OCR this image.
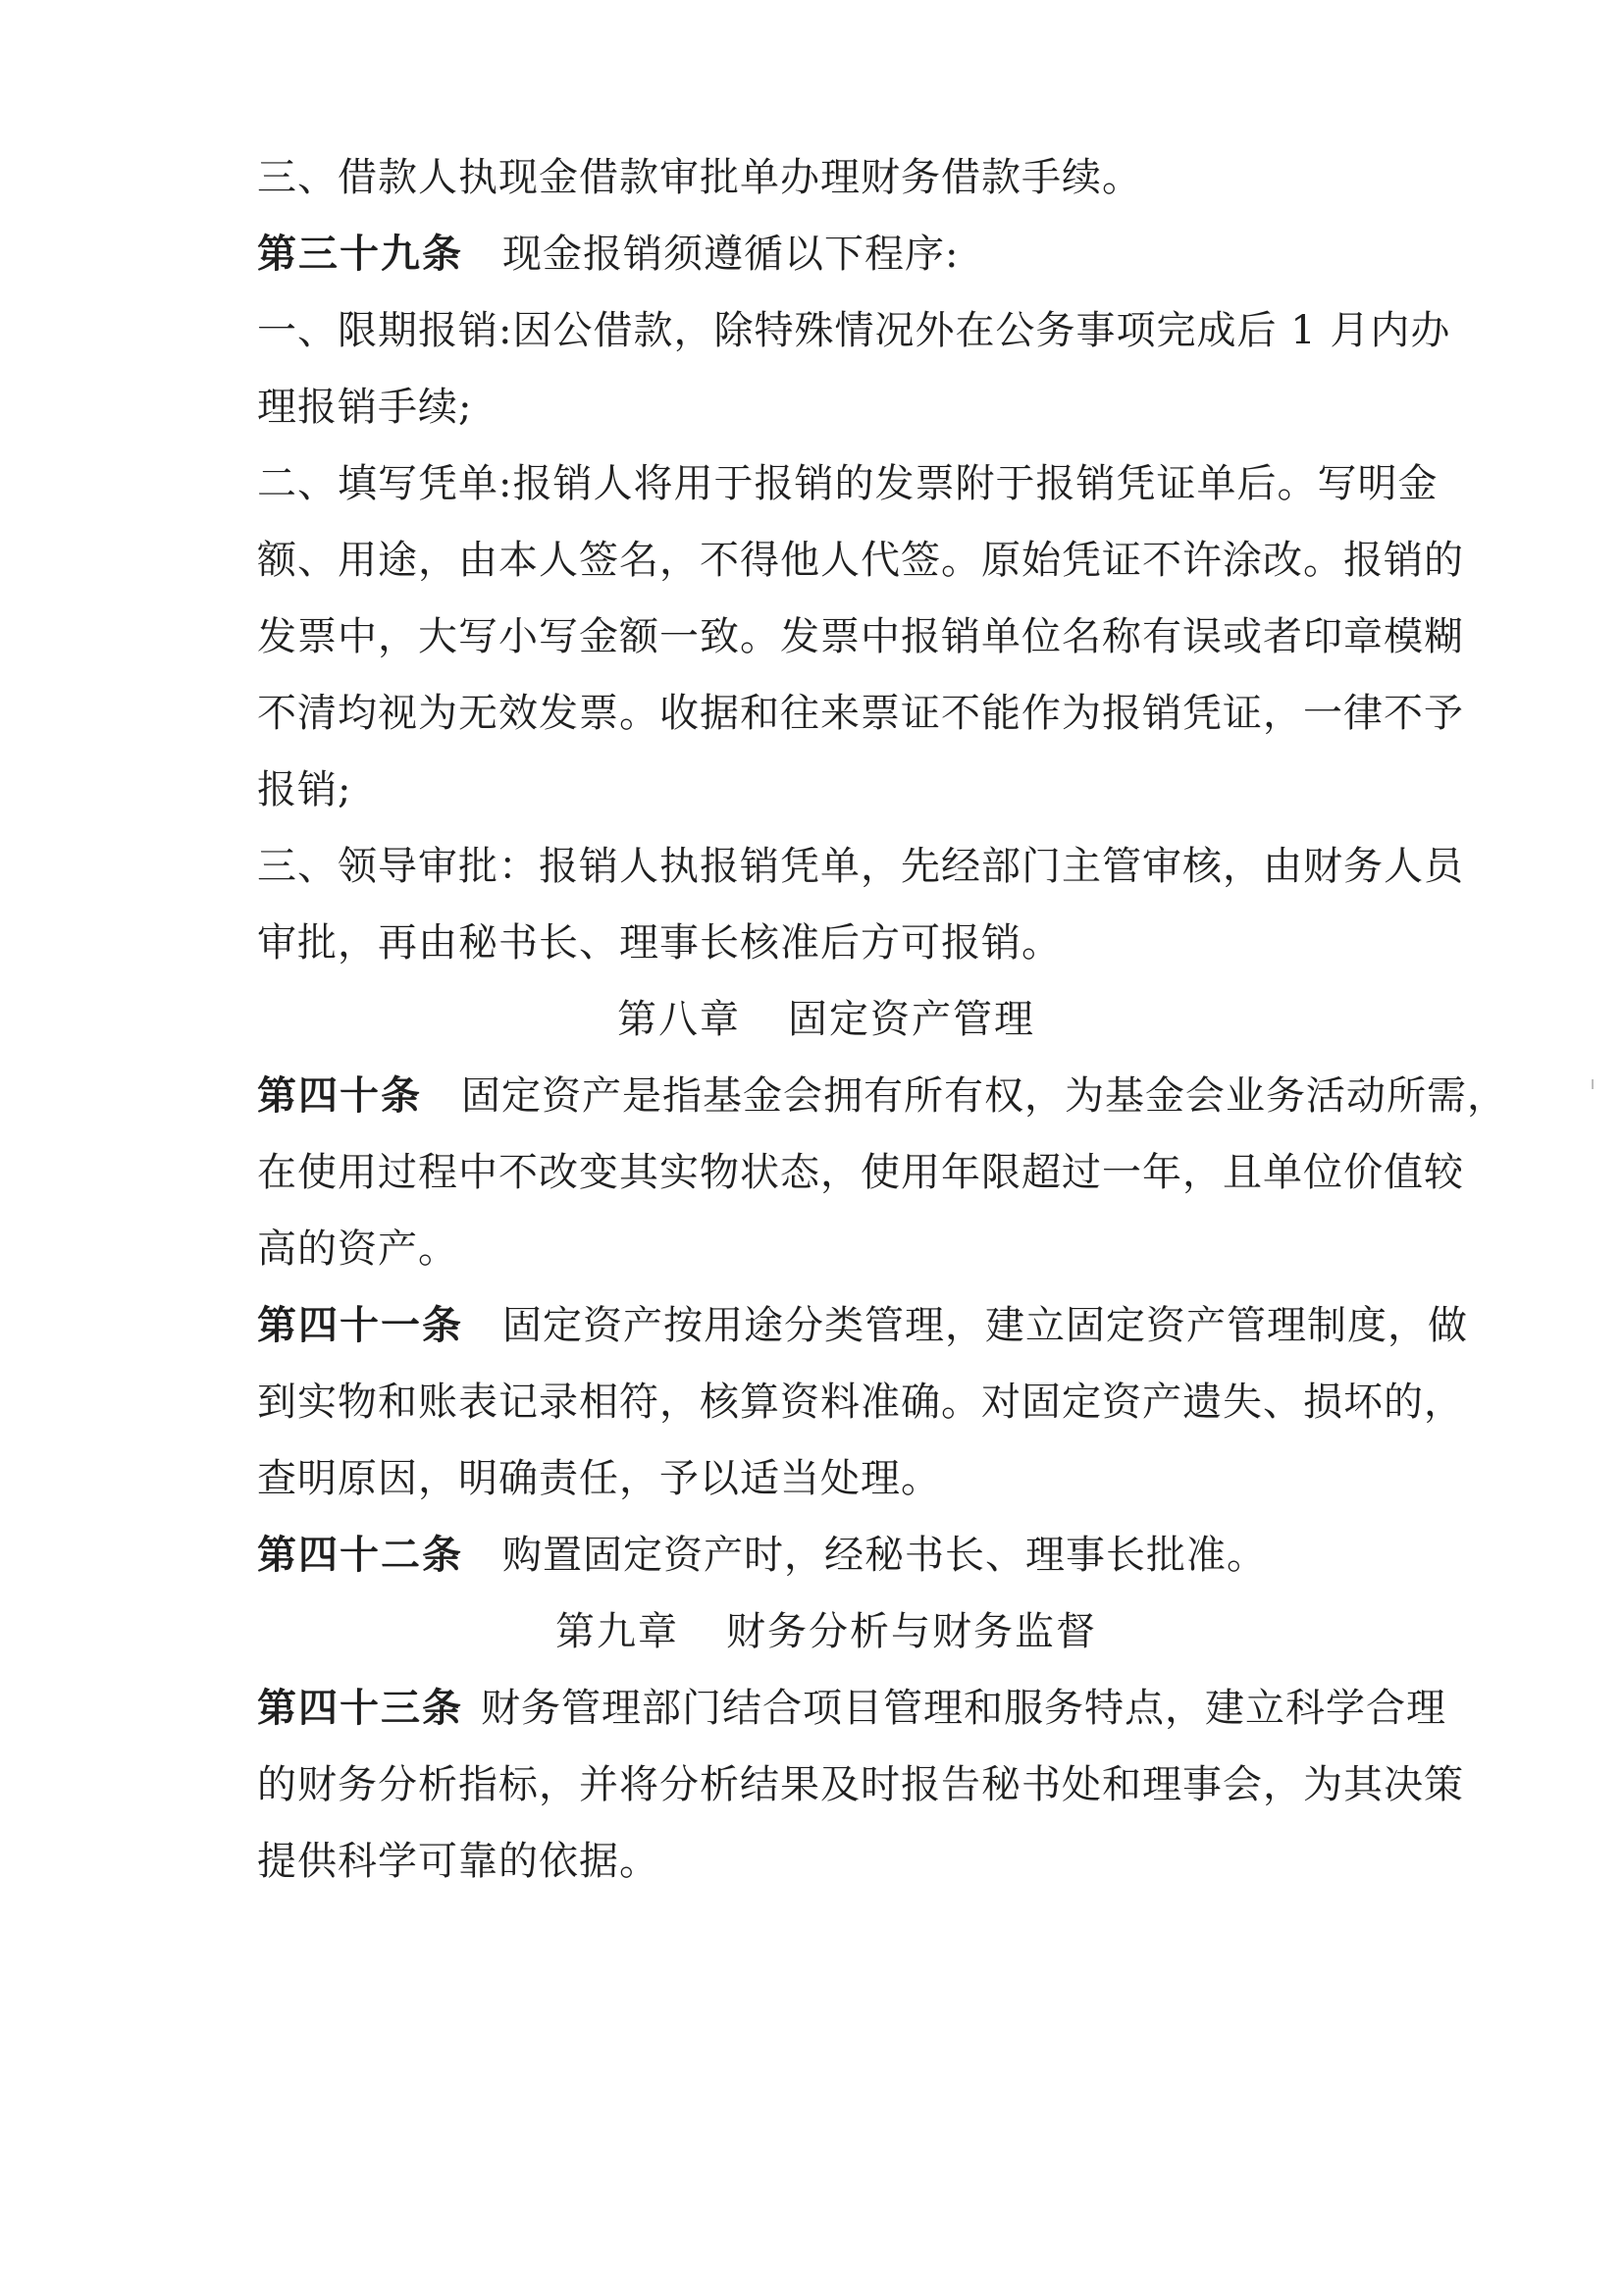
三、借款人执现金借款审批单办理财务借款手续。
第三十九条 现金报销须遵循以下程序:
一、限期报销:因公借款，除特殊情况外在公务事项完成后 1 月内办
理报销手续;
二、填写凭单:报销人将用于报销的发票附于报销凭证单后。写明金
额、用途，由本人签名，不得他人代签。原始凭证不许涂改。报销的
发票中，大写小写金额一致。发票中报销单位名称有误或者印章模糊
不清均视为无效发票。收据和往来票证不能作为报销凭证，一律不予
报销;
三、领导审批：报销人执报销凭单，先经部门主管审核，由财务人员
审批，再由秘书长、理事长核准后方可报销。
第八章 固定资产管理
第四十条 固定资产是指基金会拥有所有权，为基金会业务活动所需，
在使用过程中不改变其实物状态，使用年限超过一年，且单位价值较
高的资产。
第四十一条 固定资产按用途分类管理，建立固定资产管理制度，做
到实物和账表记录相符，核算资料准确。对固定资产遗失、损坏的，
查明原因，明确责任，予以适当处理。
第四十二条 购置固定资产时，经秘书长、理事长批准。
第九章 财务分析与财务监督
第四十三条 财务管理部门结合项目管理和服务特点，建立科学合理
的财务分析指标，并将分析结果及时报告秘书处和理事会，为其决策
提供科学可靠的依据。
